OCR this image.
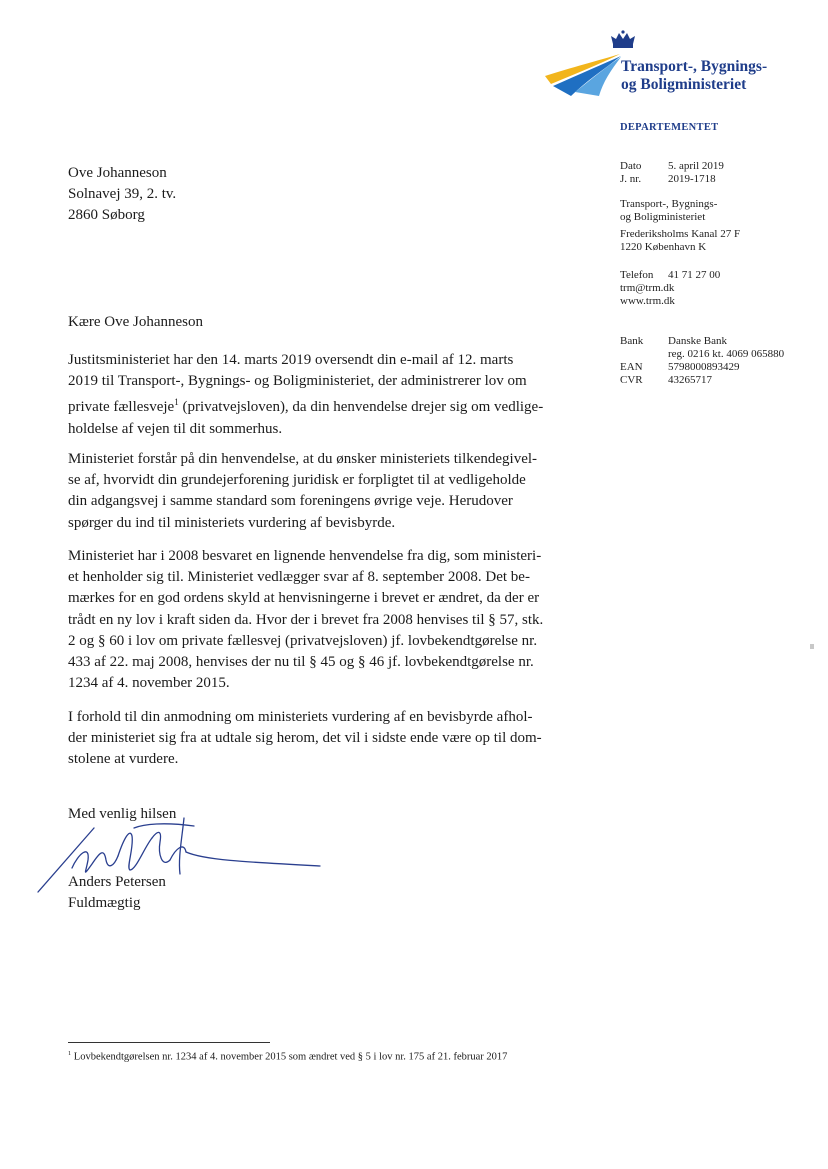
Transport-, Bygnings-
og Boligministeriet
DEPARTEMENTET
Dato	5. april 2019
J. nr.	2019-1718
Transport-, Bygnings-
og Boligministeriet
Frederiksholms Kanal 27 F
1220 København K
Telefon	41 71 27 00
trm@trm.dk
www.trm.dk
Bank	Danske Bank
reg. 0216 kt. 4069 065880
EAN	5798000893429
CVR	43265717
Ove Johanneson
Solnavej 39, 2. tv.
2860 Søborg
Kære Ove Johanneson

Justitsministeriet har den 14. marts 2019 oversendt din e-mail af 12. marts

2019 til Transport-, Bygnings- og Boligministeriet, der administrerer lov om

private fællesveje$^1$ (privatvejsloven), da din henvendelse drejer sig om vedlige-

holdelse af vejen til dit sommerhus.

Ministeriet forstår på din henvendelse, at du ønsker ministeriets tilkendegivel-

se af, hvorvidt din grundejerforening juridisk er forpligtet til at vedligeholde

din adgangsvej i samme standard som foreningens øvrige veje. Herudover

spørger du ind til ministeriets vurdering af bevisbyrde.

Ministeriet har i 2008 besvaret en lignende henvendelse fra dig, som ministeri-

et henholder sig til. Ministeriet vedlægger svar af 8. september 2008. Det be-

mærkes for en god ordens skyld at henvisningerne i brevet er ændret, da der er

trådt en ny lov i kraft siden da. Hvor der i brevet fra 2008 henvises til § 57, stk.

2 og § 60 i lov om private fællesvej (privatvejsloven) jf. lovbekendtgørelse nr.

433 af 22. maj 2008, henvises der nu til § 45 og § 46 jf. lovbekendtgørelse nr.

1234 af 4. november 2015.

I forhold til din anmodning om ministeriets vurdering af en bevisbyrde afhol-

der ministeriet sig fra at udtale sig herom, det vil i sidste ende være op til dom-

stolene at vurdere.

Med venlig hilsen
Anders Petersen
Fuldmægtig
$^1$ Lovbekendtgørelsen nr. 1234 af 4. november 2015 som ændret ved § 5 i lov nr. 175 af 21. februar 2017
